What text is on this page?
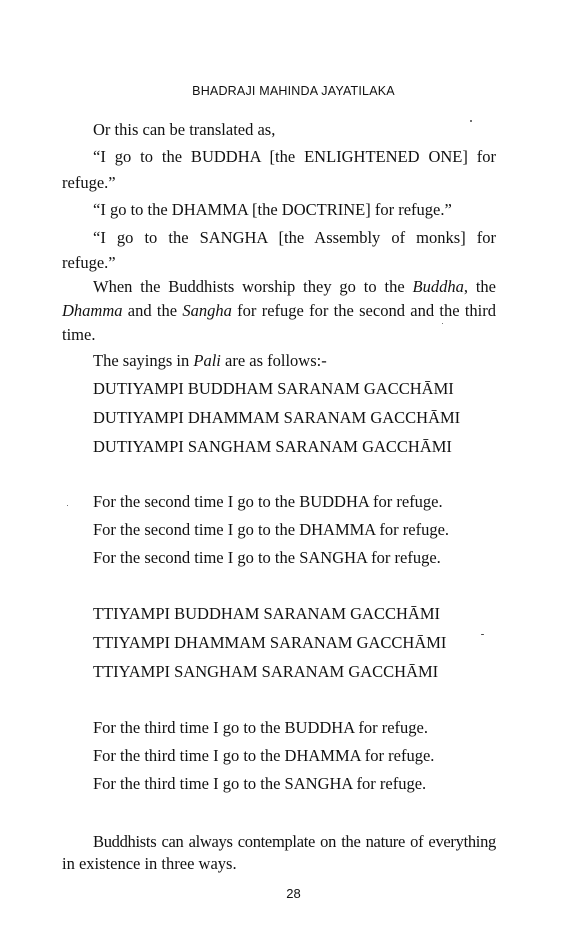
BHADRAJI MAHINDA JAYATILAKA
Or this can be translated as,
“I go to the BUDDHA [the ENLIGHTENED ONE] for
refuge.”
“I go to the DHAMMA [the DOCTRINE] for refuge.”
“I go to the SANGHA [the Assembly of monks] for
refuge.”
When the Buddhists worship they go to the Buddha, the
Dhamma and the Sangha for refuge for the second and the third
time.
The sayings in Pali are as follows:-
DUTIYAMPI BUDDHAM SARANAM GACCHĀMI
DUTIYAMPI DHAMMAM SARANAM GACCHĀMI
DUTIYAMPI SANGHAM SARANAM GACCHĀMI
For the second time I go to the BUDDHA for refuge.
For the second time I go to the DHAMMA for refuge.
For the second time I go to the SANGHA for refuge.
TTIYAMPI BUDDHAM SARANAM GACCHĀMI
TTIYAMPI DHAMMAM SARANAM GACCHĀMI
TTIYAMPI SANGHAM SARANAM GACCHĀMI
For the third time I go to the BUDDHA for refuge.
For the third time I go to the DHAMMA for refuge.
For the third time I go to the SANGHA for refuge.
Buddhists can always contemplate on the nature of everything
in existence in three ways.
28
